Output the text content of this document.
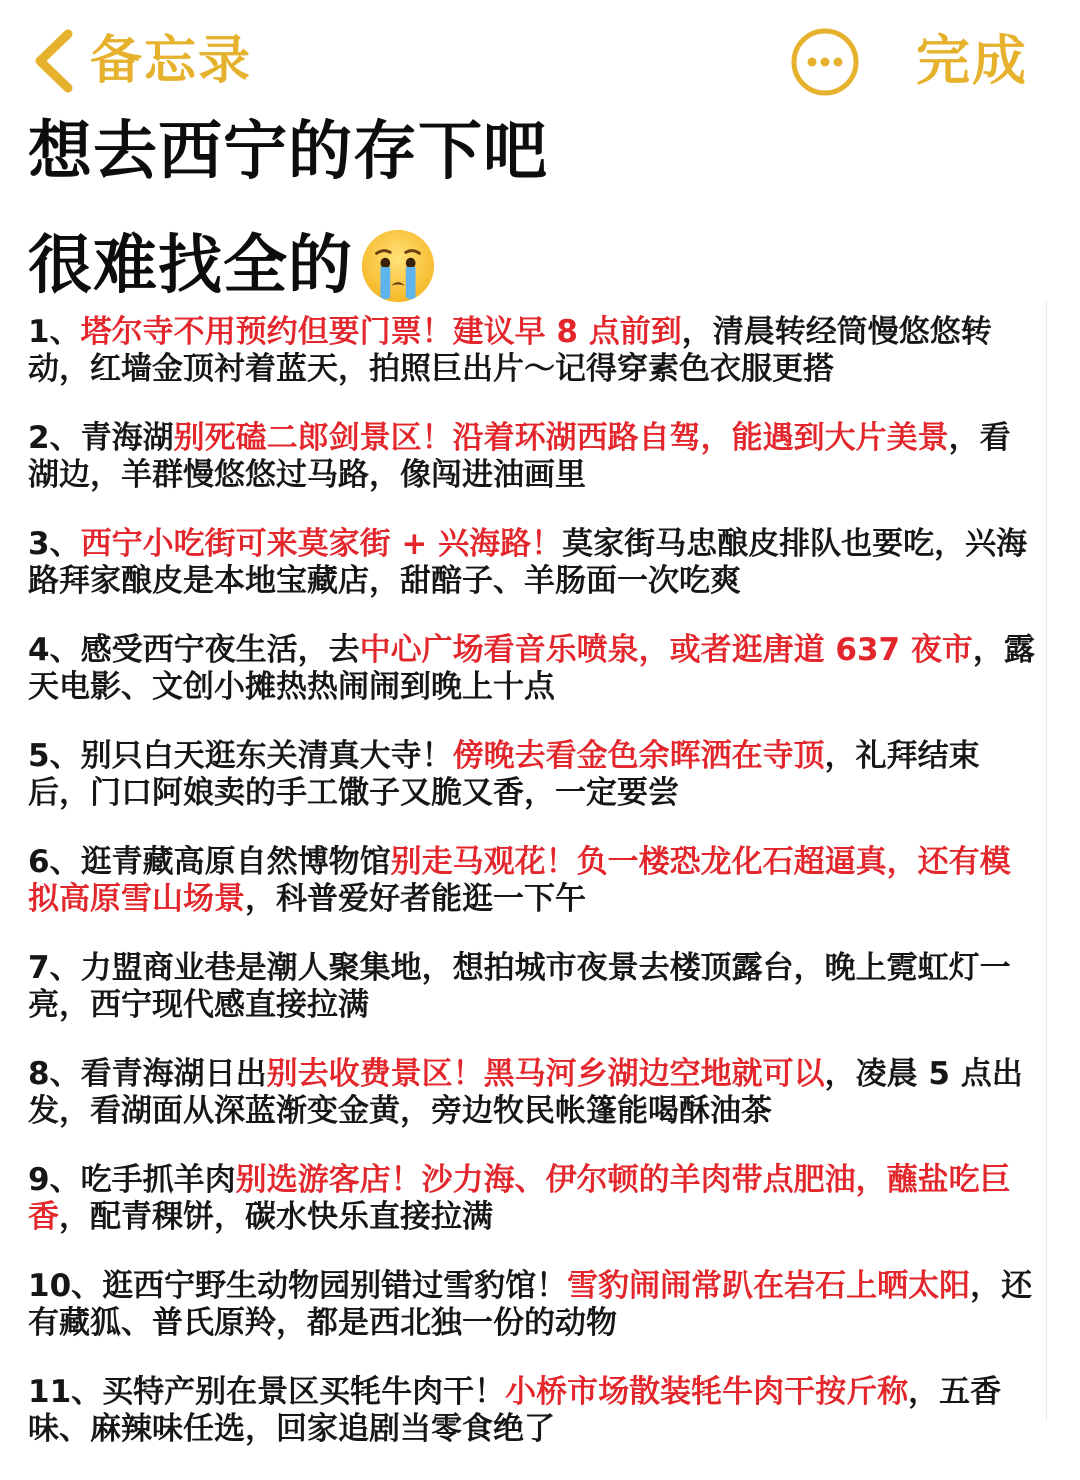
备忘录	完成
想去西宁的存下吧
很难找全的
1、塔尔寺不用预约但要门票！建议早 8 点前到，清晨转经筒慢悠悠转动，红墙金顶衬着蓝天，拍照巨出片～记得穿素色衣服更搭
2、青海湖别死磕二郎剑景区！沿着环湖西路自驾，能遇到大片美景，看湖边，羊群慢悠悠过马路，像闯进油画里
3、西宁小吃街可来莫家街 + 兴海路！莫家街马忠酿皮排队也要吃，兴海路拜家酿皮是本地宝藏店，甜醅子、羊肠面一次吃爽
4、感受西宁夜生活，去中心广场看音乐喷泉，或者逛唐道 637 夜市，露天电影、文创小摊热热闹闹到晚上十点
5、别只白天逛东关清真大寺！傍晚去看金色余晖洒在寺顶，礼拜结束后，门口阿娘卖的手工馓子又脆又香，一定要尝
6、逛青藏高原自然博物馆别走马观花！负一楼恐龙化石超逼真，还有模拟高原雪山场景，科普爱好者能逛一下午
7、力盟商业巷是潮人聚集地，想拍城市夜景去楼顶露台，晚上霓虹灯一亮，西宁现代感直接拉满
8、看青海湖日出别去收费景区！黑马河乡湖边空地就可以，凌晨 5 点出发，看湖面从深蓝渐变金黄，旁边牧民帐篷能喝酥油茶
9、吃手抓羊肉别选游客店！沙力海、伊尔顿的羊肉带点肥油，蘸盐吃巨香，配青稞饼，碳水快乐直接拉满
10、逛西宁野生动物园别错过雪豹馆！雪豹闹闹常趴在岩石上晒太阳，还有藏狐、普氏原羚，都是西北独一份的动物
11、买特产别在景区买牦牛肉干！小桥市场散装牦牛肉干按斤称，五香味、麻辣味任选，回家追剧当零食绝了
